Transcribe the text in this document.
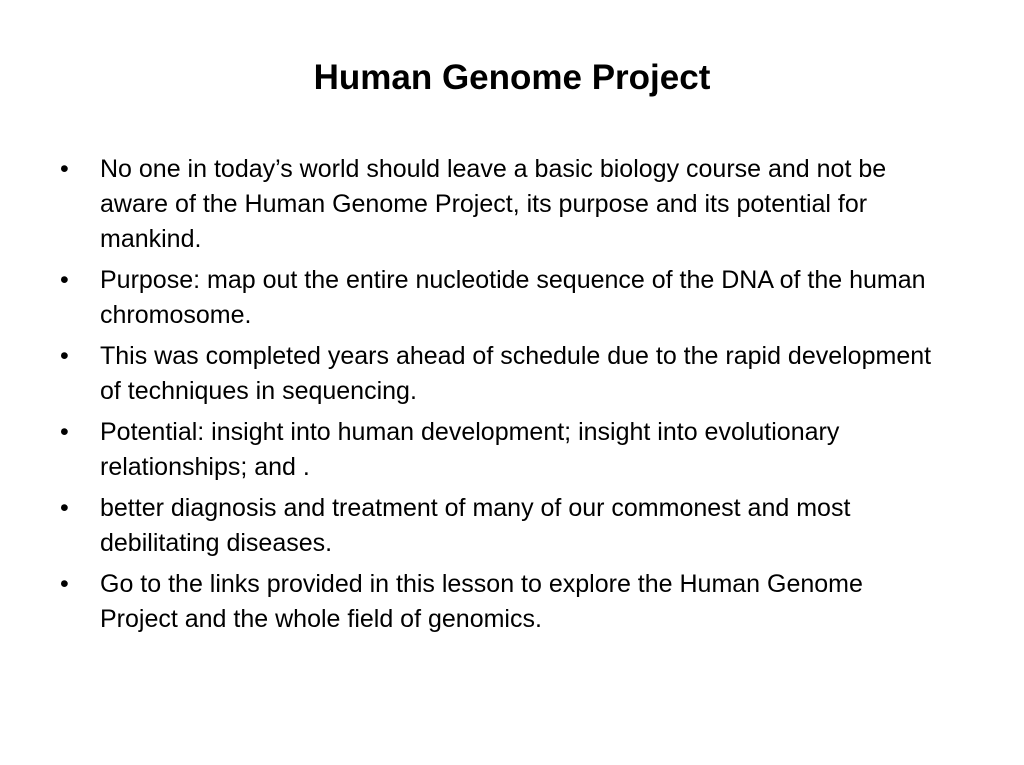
Human Genome Project
•	No one in today’s world should leave a basic biology course and not be aware of the Human Genome Project, its purpose and its potential for mankind.
•	Purpose: map out the entire nucleotide sequence of the DNA of the human chromosome.
•	This was completed years ahead of schedule due to the rapid development of techniques in sequencing.
•	Potential: insight into human development; insight into evolutionary relationships; and .
•	better diagnosis and treatment of many of our commonest and most debilitating diseases.
•	Go to the links provided in this lesson to explore the Human Genome Project and the whole field of genomics.
